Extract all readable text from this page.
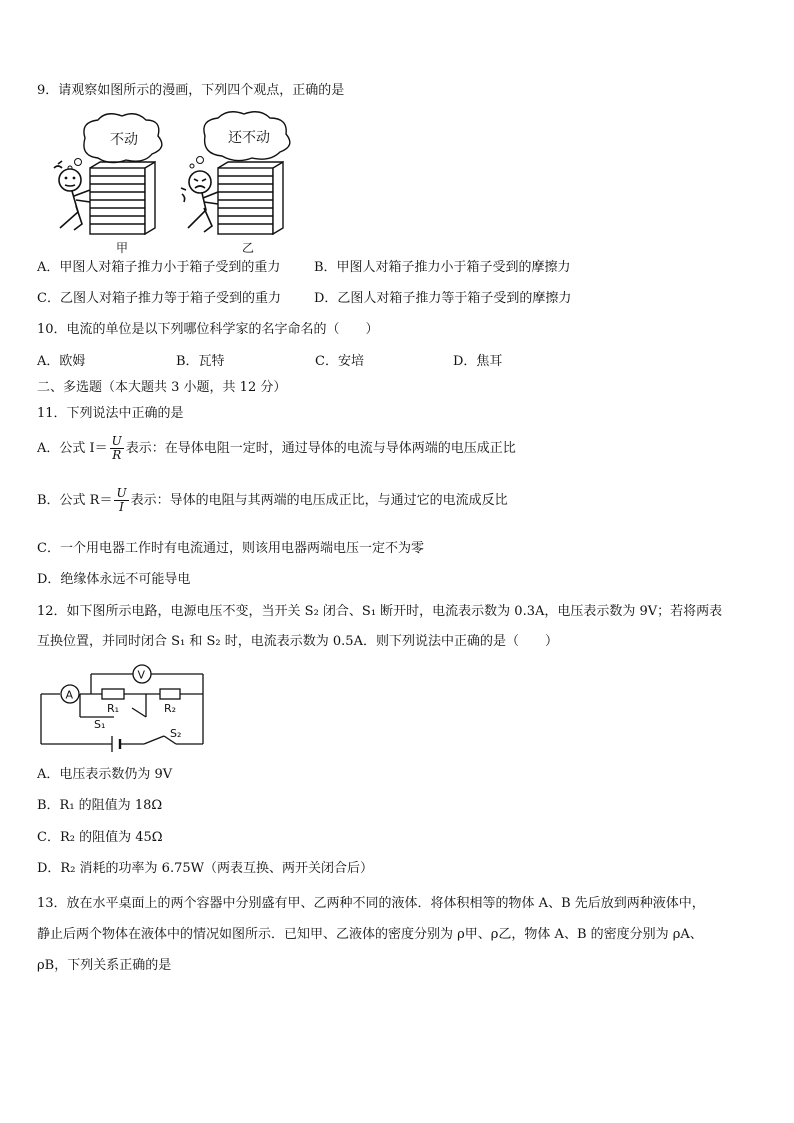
9．请观察如图所示的漫画，下列四个观点，正确的是
不动
甲
还不动
乙
A．甲图人对箱子推力小于箱子受到的重力	B．甲图人对箱子推力小于箱子受到的摩擦力
C．乙图人对箱子推力等于箱子受到的重力	D．乙图人对箱子推力等于箱子受到的摩擦力
10．电流的单位是以下列哪位科学家的名字命名的（　　）
A．欧姆	B．瓦特	C．安培	D．焦耳
二、多选题（本大题共 3 小题，共 12 分）
11．下列说法中正确的是
A．公式 $I= \frac{U}{R}$ 表示：在导体电阻一定时，通过导体的电流与导体两端的电压成正比
B．公式 $R= \frac{U}{I}$ 表示：导体的电阻与其两端的电压成正比，与通过它的电流成反比
C．一个用电器工作时有电流通过，则该用电器两端电压一定不为零
D．绝缘体永远不可能导电
12．如下图所示电路，电源电压不变，当开关 S₂ 闭合、S₁ 断开时，电流表示数为 0.3A，电压表示数为 9V；若将两表
互换位置，并同时闭合 S₁ 和 S₂ 时，电流表示数为 0.5A．则下列说法中正确的是（　　）
A
V
R₁	R₂
S₁
S₂
A．电压表示数仍为 9V
B．R₁ 的阻值为 18Ω
C．R₂ 的阻值为 45Ω
D．R₂ 消耗的功率为 6.75W（两表互换、两开关闭合后）
13．放在水平桌面上的两个容器中分别盛有甲、乙两种不同的液体．将体积相等的物体 A、B 先后放到两种液体中，
静止后两个物体在液体中的情况如图所示．已知甲、乙液体的密度分别为 ρ甲、ρ乙，物体 A、B 的密度分别为 ρA、
ρB，下列关系正确的是
